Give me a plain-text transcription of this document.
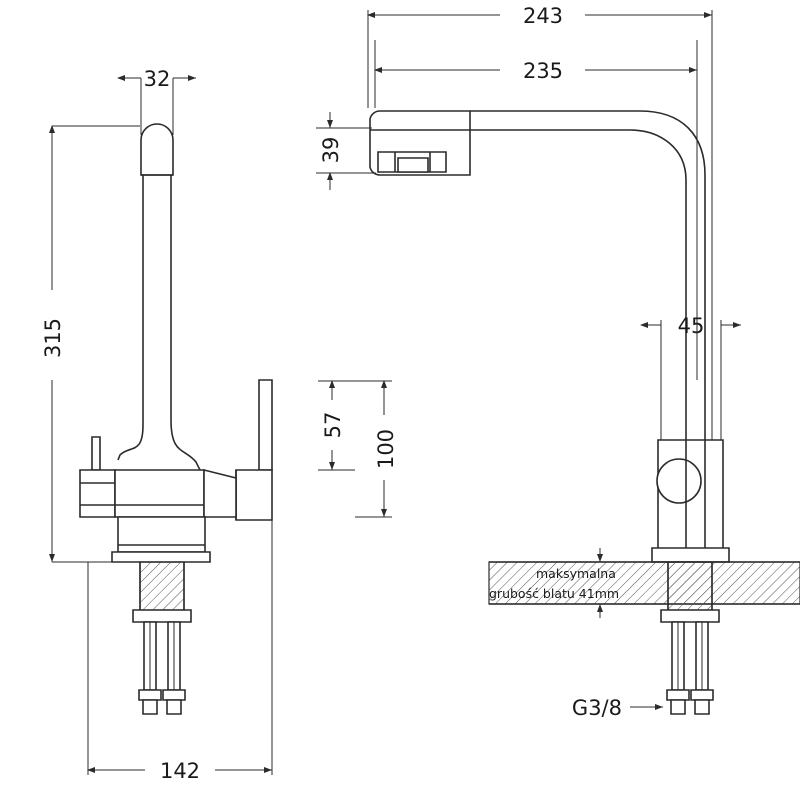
32
315
57
100
142
243
235
39
45
maksymalna
grubość blatu 41mm
G3/8
